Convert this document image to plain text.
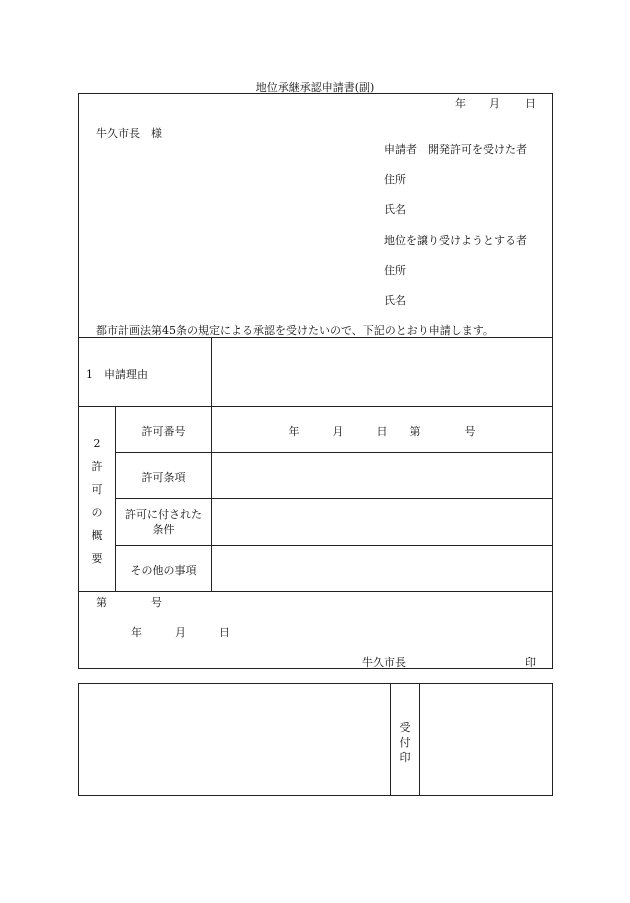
地位承継承認申請書(副)
年 月 日
牛久市長　様
申請者　開発許可を受けた者
住所
氏名
地位を譲り受けようとする者
住所
氏名
都市計画法第45条の規定による承認を受けたいので、下記のとおり申請します。
1　申請理由
2
許
可
の
概
要
許可番号	年　　　月　　　日　　第　　　　号
許可条項
許可に付された
条件
その他の事項
第　　　　号
年　　　月　　　日
牛久市長	印
受
付
印
